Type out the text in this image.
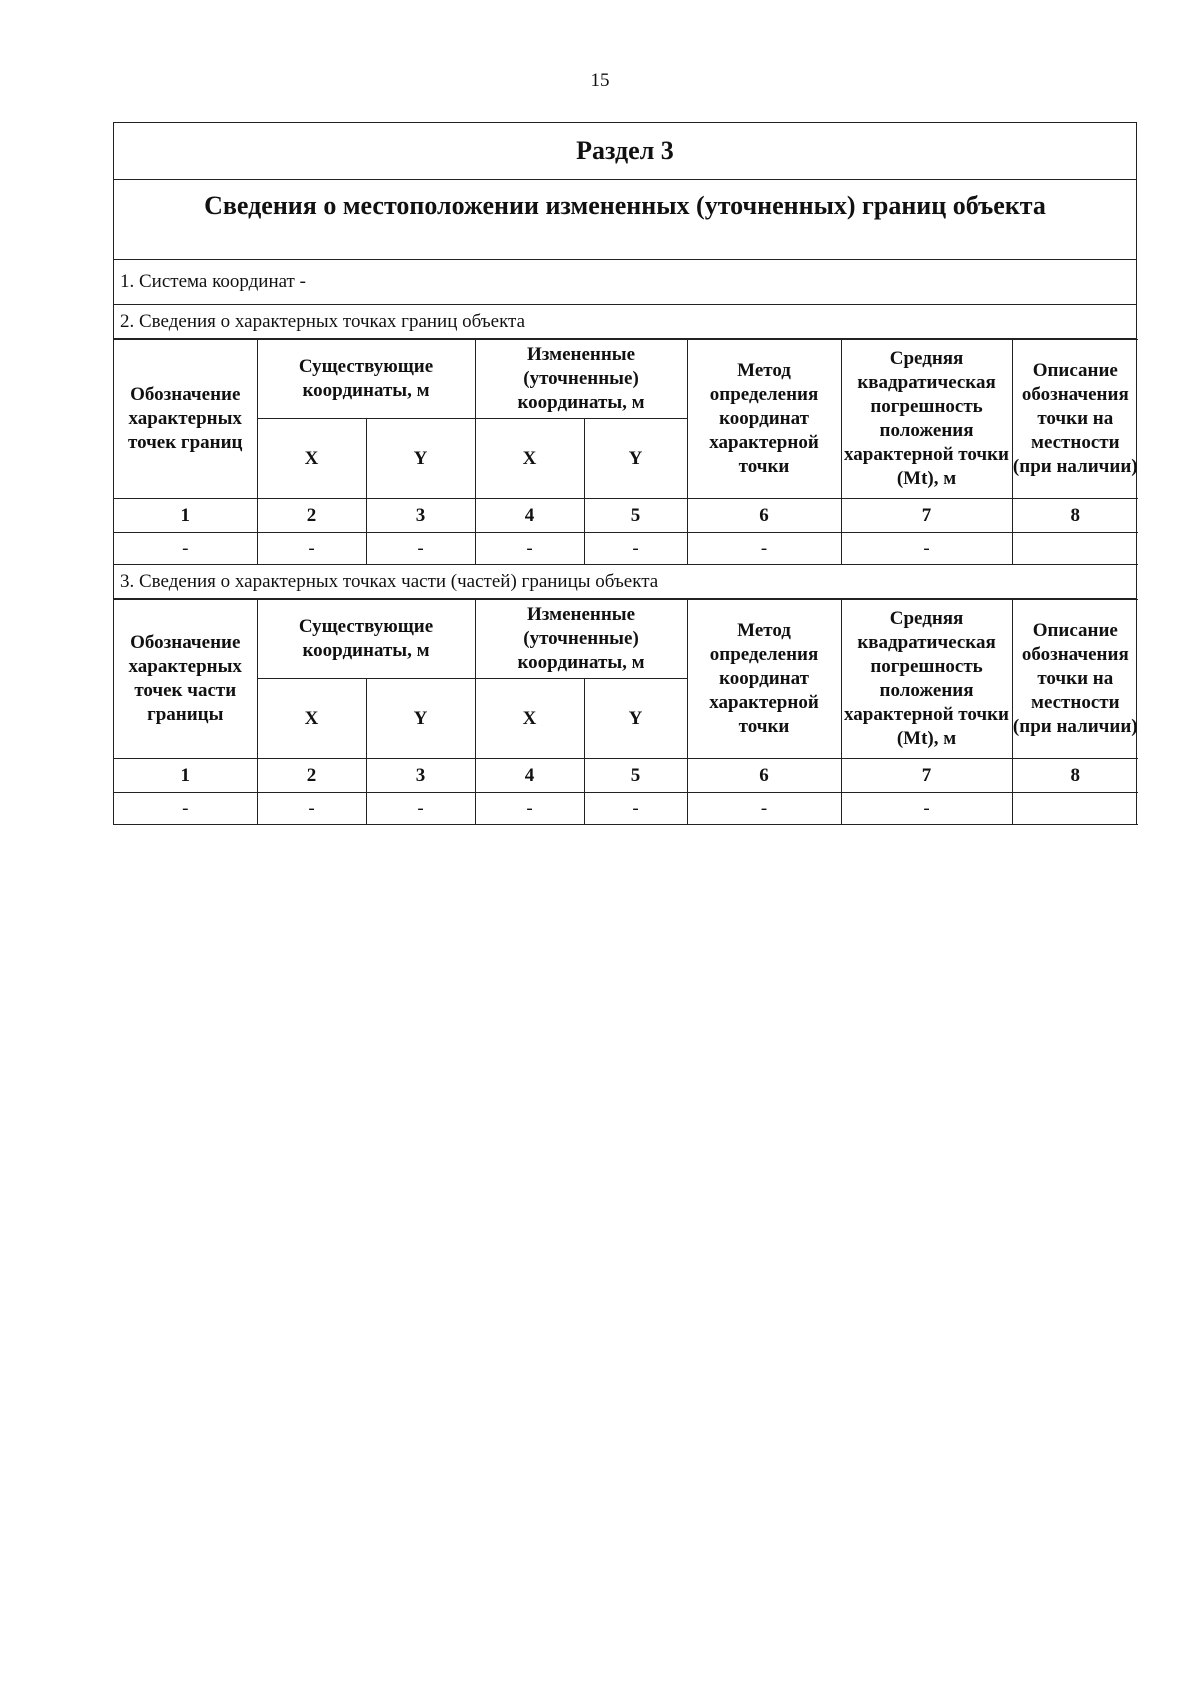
15
Раздел 3
Сведения о местоположении измененных (уточненных) границ объекта
1. Система координат -
2. Сведения о характерных точках границ объекта
Обозначение характерных точек границ	Существующие координаты, м		Измененные (уточненные) координаты, м		Метод определения координат характерной точки	Средняя квадратическая погрешность положения характерной точки (Mt), м	Описание обозначения точки на местности (при наличии)
	X	Y	X	Y			
1	2	3	4	5	6	7	8
-	-	-	-	-	-	-	
3. Сведения о характерных точках части (частей) границы объекта
Обозначение характерных точек части границы	Существующие координаты, м		Измененные (уточненные) координаты, м		Метод определения координат характерной точки	Средняя квадратическая погрешность положения характерной точки (Mt), м	Описание обозначения точки на местности (при наличии)
	X	Y	X	Y			
1	2	3	4	5	6	7	8
-	-	-	-	-	-	-	
